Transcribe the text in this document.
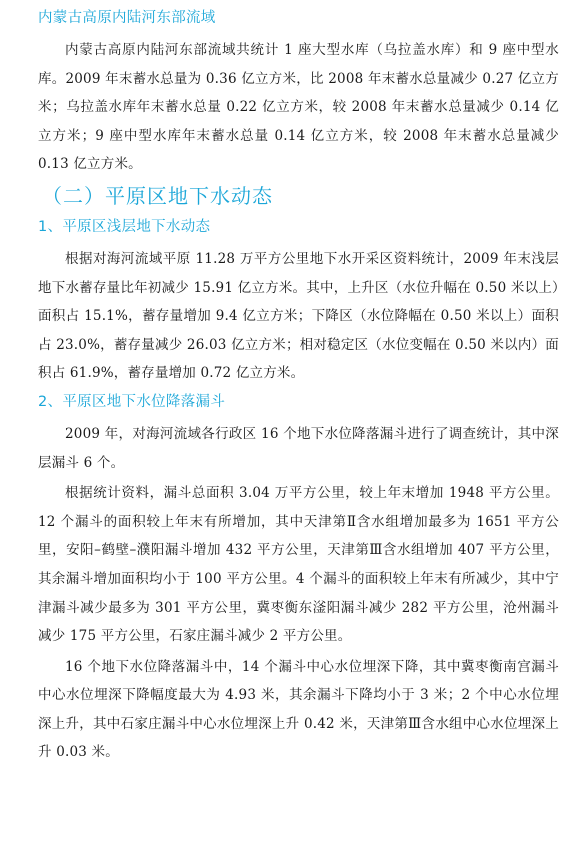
内蒙古高原内陆河东部流域

内蒙古高原内陆河东部流域共统计 1 座大型水库（乌拉盖水库）和 9 座中型水库。2009 年末蓄水总量为 0.36 亿立方米，比 2008 年末蓄水总量减少 0.27 亿立方米；乌拉盖水库年末蓄水总量 0.22 亿立方米，较 2008 年末蓄水总量减少 0.14 亿立方米；9 座中型水库年末蓄水总量 0.14 亿立方米，较 2008 年末蓄水总量减少 0.13 亿立方米。

（二）平原区地下水动态
1、平原区浅层地下水动态

根据对海河流域平原 11.28 万平方公里地下水开采区资料统计，2009 年末浅层地下水蓄存量比年初减少 15.91 亿立方米。其中，上升区（水位升幅在 0.50 米以上）面积占 15.1%，蓄存量增加 9.4 亿立方米；下降区（水位降幅在 0.50 米以上）面积占 23.0%，蓄存量减少 26.03 亿立方米；相对稳定区（水位变幅在 0.50 米以内）面积占 61.9%，蓄存量增加 0.72 亿立方米。

2、平原区地下水位降落漏斗

2009 年，对海河流域各行政区 16 个地下水位降落漏斗进行了调查统计，其中深层漏斗 6 个。

根据统计资料，漏斗总面积 3.04 万平方公里，较上年末增加 1948 平方公里。12 个漏斗的面积较上年末有所增加，其中天津第Ⅱ含水组增加最多为 1651 平方公里，安阳–鹤壁–濮阳漏斗增加 432 平方公里，天津第Ⅲ含水组增加 407 平方公里，其余漏斗增加面积均小于 100 平方公里。4 个漏斗的面积较上年末有所减少，其中宁津漏斗减少最多为 301 平方公里，冀枣衡东滏阳漏斗减少 282 平方公里，沧州漏斗减少 175 平方公里，石家庄漏斗减少 2 平方公里。

16 个地下水位降落漏斗中，14 个漏斗中心水位埋深下降，其中冀枣衡南宫漏斗中心水位埋深下降幅度最大为 4.93 米，其余漏斗下降均小于 3 米；2 个中心水位埋深上升，其中石家庄漏斗中心水位埋深上升 0.42 米，天津第Ⅲ含水组中心水位埋深上升 0.03 米。
